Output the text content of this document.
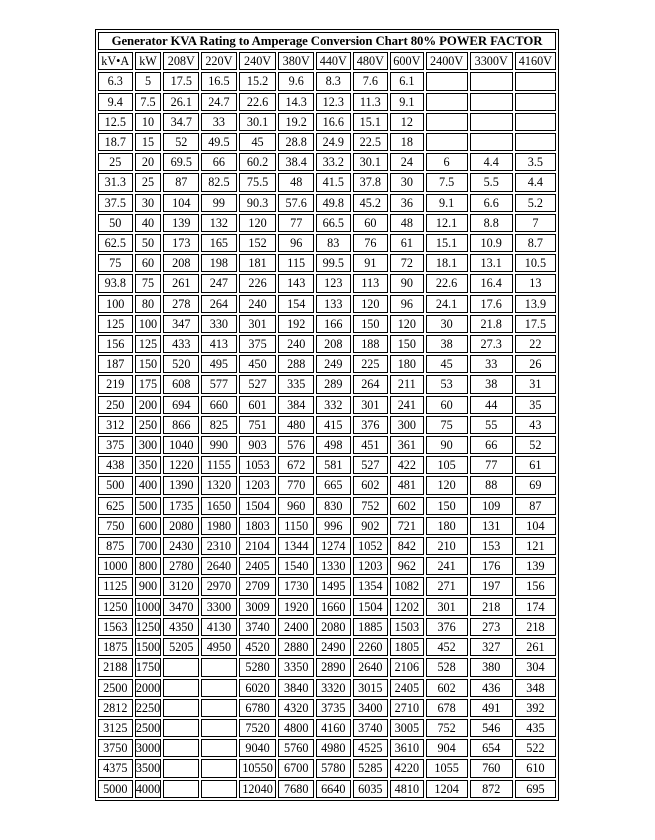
Generator KVA Rating to Amperage Conversion Chart 80% POWER FACTOR											
kV•A	kW	208V	220V	240V	380V	440V	480V	600V	2400V	3300V	4160V
6.3	5	17.5	16.5	15.2	9.6	8.3	7.6	6.1			
9.4	7.5	26.1	24.7	22.6	14.3	12.3	11.3	9.1			
12.5	10	34.7	33	30.1	19.2	16.6	15.1	12			
18.7	15	52	49.5	45	28.8	24.9	22.5	18			
25	20	69.5	66	60.2	38.4	33.2	30.1	24	6	4.4	3.5
31.3	25	87	82.5	75.5	48	41.5	37.8	30	7.5	5.5	4.4
37.5	30	104	99	90.3	57.6	49.8	45.2	36	9.1	6.6	5.2
50	40	139	132	120	77	66.5	60	48	12.1	8.8	7
62.5	50	173	165	152	96	83	76	61	15.1	10.9	8.7
75	60	208	198	181	115	99.5	91	72	18.1	13.1	10.5
93.8	75	261	247	226	143	123	113	90	22.6	16.4	13
100	80	278	264	240	154	133	120	96	24.1	17.6	13.9
125	100	347	330	301	192	166	150	120	30	21.8	17.5
156	125	433	413	375	240	208	188	150	38	27.3	22
187	150	520	495	450	288	249	225	180	45	33	26
219	175	608	577	527	335	289	264	211	53	38	31
250	200	694	660	601	384	332	301	241	60	44	35
312	250	866	825	751	480	415	376	300	75	55	43
375	300	1040	990	903	576	498	451	361	90	66	52
438	350	1220	1155	1053	672	581	527	422	105	77	61
500	400	1390	1320	1203	770	665	602	481	120	88	69
625	500	1735	1650	1504	960	830	752	602	150	109	87
750	600	2080	1980	1803	1150	996	902	721	180	131	104
875	700	2430	2310	2104	1344	1274	1052	842	210	153	121
1000	800	2780	2640	2405	1540	1330	1203	962	241	176	139
1125	900	3120	2970	2709	1730	1495	1354	1082	271	197	156
1250	1000	3470	3300	3009	1920	1660	1504	1202	301	218	174
1563	1250	4350	4130	3740	2400	2080	1885	1503	376	273	218
1875	1500	5205	4950	4520	2880	2490	2260	1805	452	327	261
2188	1750			5280	3350	2890	2640	2106	528	380	304
2500	2000			6020	3840	3320	3015	2405	602	436	348
2812	2250			6780	4320	3735	3400	2710	678	491	392
3125	2500			7520	4800	4160	3740	3005	752	546	435
3750	3000			9040	5760	4980	4525	3610	904	654	522
4375	3500			10550	6700	5780	5285	4220	1055	760	610
5000	4000			12040	7680	6640	6035	4810	1204	872	695
